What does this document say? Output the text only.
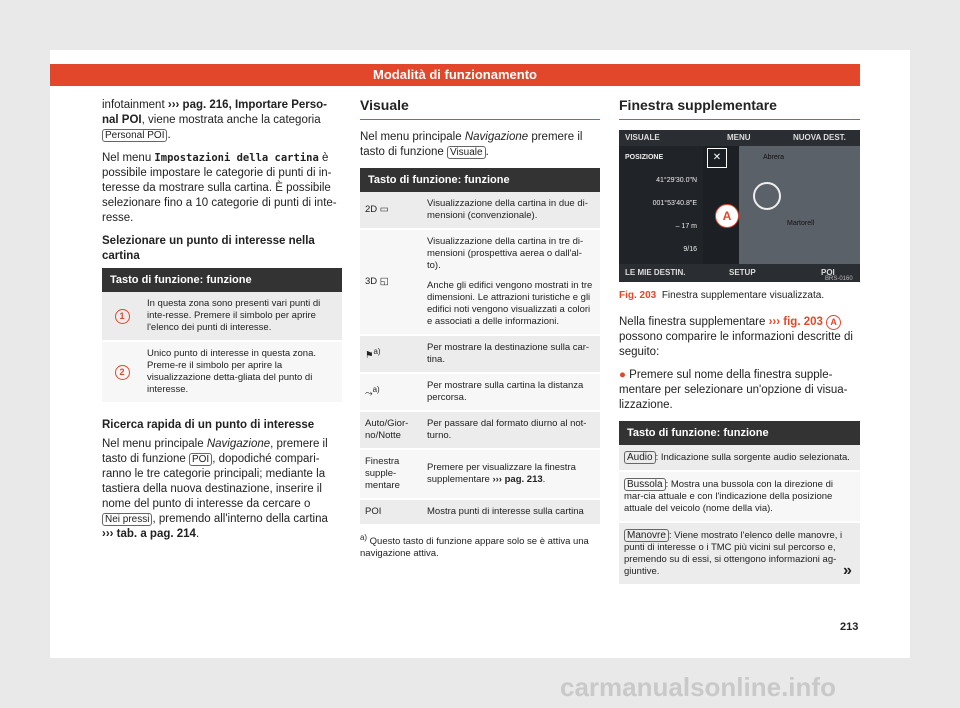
Modalità di funzionamento

infotainment ››› pag. 216, Importare Perso-nal POI, viene mostrata anche la categoria Personal POI .

Nel menu Impostazioni della cartina è possibile impostare le categorie di punti di in-teresse da mostrare sulla cartina. È possibile selezionare fino a 10 categorie di punti di inte-resse.

Selezionare un punto di interesse nella cartina
Tasto di funzione: funzione	
1	In questa zona sono presenti vari punti di inte-resse. Premere il simbolo per aprire l'elenco dei punti di interesse.
2	Unico punto di interesse in questa zona. Preme-re il simbolo per aprire la visualizzazione detta-gliata del punto di interesse.
Ricerca rapida di un punto di interesse

Nel menu principale Navigazione, premere il tasto di funzione POI , dopodiché compari-ranno le tre categorie principali; mediante la tastiera della nuova destinazione, inserire il nome del punto di interesse da cercare o Nei pressi , premendo all'interno della cartina ››› tab. a pag. 214.

Visuale

Nel menu principale Navigazione premere il tasto di funzione Visuale .

Tasto di funzione: funzione	
2D ▭	Visualizzazione della cartina in due di-mensioni (convenzionale).
3D ◱	Visualizzazione della cartina in tre di-mensioni (prospettiva aerea o dall'al-to).
Anche gli edifici vengono mostrati in tre dimensioni. Le attrazioni turistiche e gli edifici noti vengono visualizzati a colori e associati a delle informazioni.

⚑$^{a)}$	Per mostrare la destinazione sulla car-tina.
⤳$^{a)}$	Per mostrare sulla cartina la distanza percorsa.
Auto/Gior-no/Notte	Per passare dal formato diurno al not-turno.
Finestra supple-mentare	Premere per visualizzare la finestra supplementare ››› pag. 213.
POI	Mostra punti di interesse sulla cartina
$^{a)}$ Questo tasto di funzione appare solo se è attiva una navigazione attiva.
Finestra supplementare
VISUALE	MENU	NUOVA DEST.
Abrera
Martorell
POSIZIONE
41°29'30.0"N
001°53'40.8"E
– 17 m
9/16
✕
A
LE MIE DESTIN.	SETUP	POI
BRS-0160
Fig. 203 Finestra supplementare visualizzata.

Nella finestra supplementare ››› fig. 203 A possono comparire le informazioni descritte di seguito:

● Premere sul nome della finestra supple-mentare per selezionare un'opzione di visua-lizzazione.

Tasto di funzione: funzione
Audio : Indicazione sulla sorgente audio selezionata.
Bussola : Mostra una bussola con la direzione di mar-cia attuale e con l'indicazione della posizione attuale del veicolo (nome della via).
Manovre : Viene mostrato l'elenco delle manovre, i punti di interesse o i TMC più vicini sul percorso e, premendo su di essi, si ottengono informazioni ag-giuntive.	»
213
carmanualsonline.info
